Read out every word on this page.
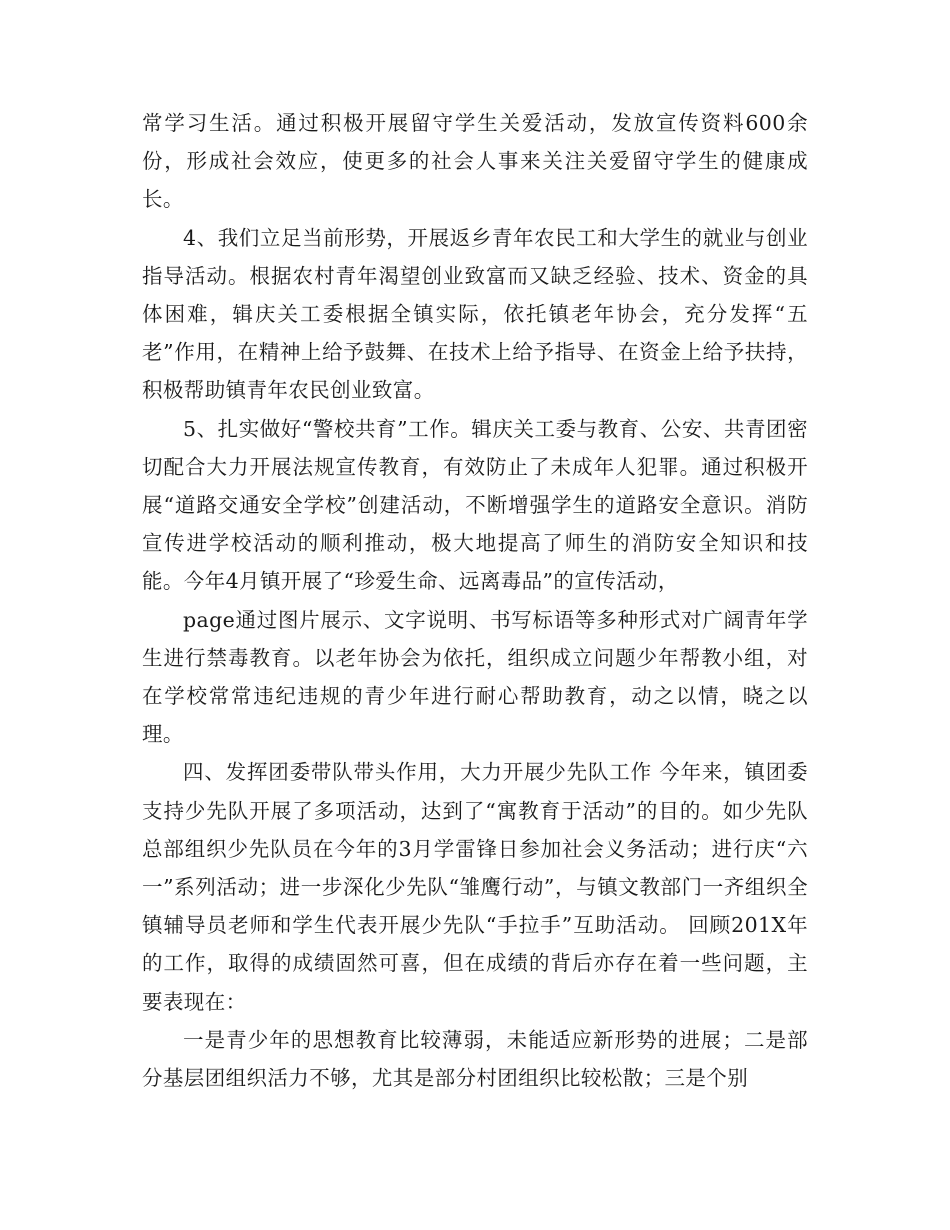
常学习生活。通过积极开展留守学生关爱活动，发放宣传资料600余份，形成社会效应，使更多的社会人事来关注关爱留守学生的健康成长。

4、我们立足当前形势，开展返乡青年农民工和大学生的就业与创业指导活动。根据农村青年渴望创业致富而又缺乏经验、技术、资金的具体困难，辑庆关工委根据全镇实际，依托镇老年协会，充分发挥“五老”作用，在精神上给予鼓舞、在技术上给予指导、在资金上给予扶持，积极帮助镇青年农民创业致富。

5、扎实做好“警校共育”工作。辑庆关工委与教育、公安、共青团密切配合大力开展法规宣传教育，有效防止了未成年人犯罪。通过积极开展“道路交通安全学校”创建活动，不断增强学生的道路安全意识。消防宣传进学校活动的顺利推动，极大地提高了师生的消防安全知识和技能。今年4月镇开展了“珍爱生命、远离毒品”的宣传活动，

page通过图片展示、文字说明、书写标语等多种形式对广阔青年学生进行禁毒教育。以老年协会为依托，组织成立问题少年帮教小组，对在学校常常违纪违规的青少年进行耐心帮助教育，动之以情，晓之以理。

四、发挥团委带队带头作用，大力开展少先队工作 今年来，镇团委支持少先队开展了多项活动，达到了“寓教育于活动”的目的。如少先队总部组织少先队员在今年的3月学雷锋日参加社会义务活动；进行庆“六一”系列活动；进一步深化少先队“雏鹰行动”，与镇文教部门一齐组织全镇辅导员老师和学生代表开展少先队“手拉手”互助活动。 回顾201X年的工作，取得的成绩固然可喜，但在成绩的背后亦存在着一些问题，主要表现在：

一是青少年的思想教育比较薄弱，未能适应新形势的进展；二是部分基层团组织活力不够，尤其是部分村团组织比较松散；三是个别
